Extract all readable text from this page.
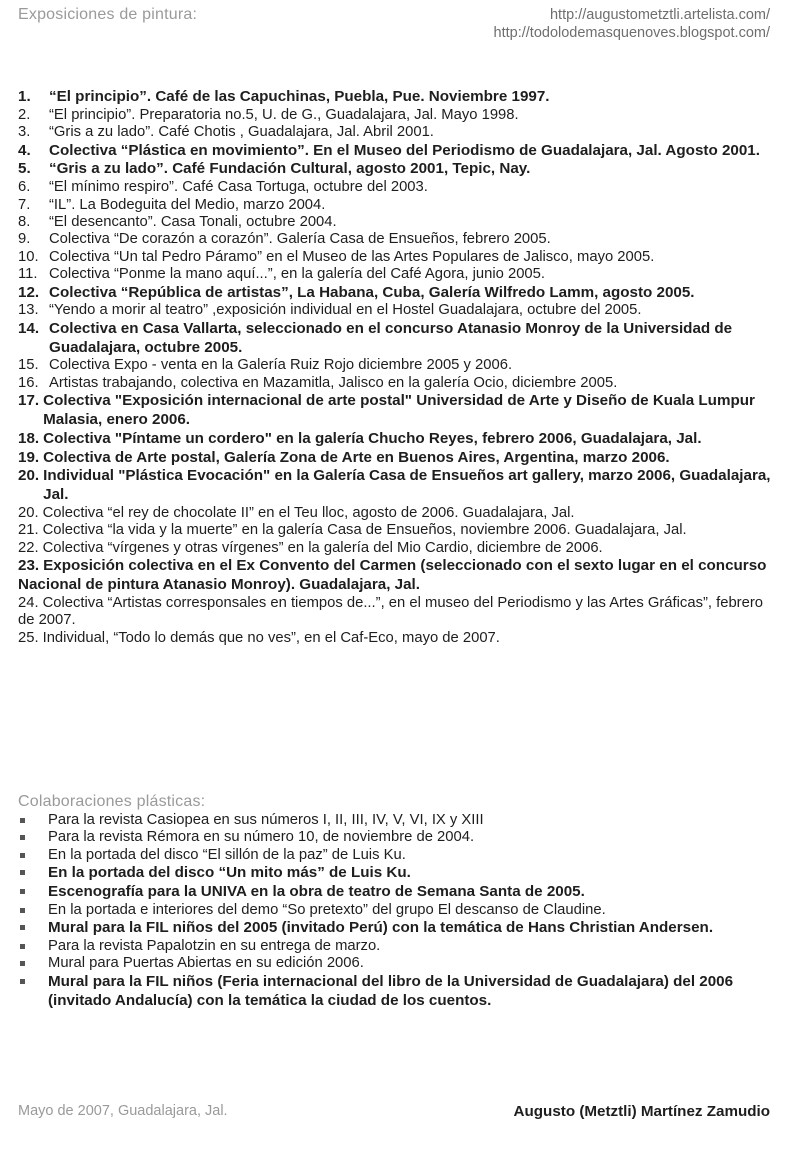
Exposiciones de pintura:	http://augustometztli.artelista.com/
http://todolodemasquenoves.blogspot.com/
1.	“El principio”. Café de las Capuchinas, Puebla, Pue. Noviembre 1997.
2.	“El principio”. Preparatoria no.5, U. de G., Guadalajara, Jal. Mayo 1998.
3.	“Gris a zu lado”. Café Chotis , Guadalajara, Jal. Abril 2001.
4.	Colectiva “Plástica en movimiento”. En el Museo del Periodismo de Guadalajara, Jal. Agosto 2001.
5.	“Gris a zu lado”. Café Fundación Cultural, agosto 2001, Tepic, Nay.
6.	“El mínimo respiro”. Café Casa Tortuga, octubre del 2003.
7.	“IL”. La Bodeguita del Medio, marzo 2004.
8.	“El desencanto”. Casa Tonali, octubre 2004.
9.	Colectiva “De corazón a corazón”. Galería Casa de Ensueños, febrero 2005.
10. Colectiva “Un tal Pedro Páramo” en el Museo de las Artes Populares de Jalisco, mayo 2005.
11. Colectiva “Ponme la mano aquí...”, en la galería del Café Agora, junio 2005.
12. Colectiva “República de artistas”, La Habana, Cuba, Galería Wilfredo Lamm, agosto 2005.
13. “Yendo a morir al teatro” ,exposición individual en el Hostel Guadalajara, octubre del 2005.
14. Colectiva en Casa Vallarta, seleccionado en el concurso Atanasio Monroy de la Universidad de Guadalajara, octubre 2005.
15. Colectiva Expo - venta en la Galería Ruiz Rojo diciembre 2005 y 2006.
16. Artistas trabajando, colectiva en Mazamitla, Jalisco en la galería Ocio, diciembre 2005.
17. Colectiva "Exposición internacional de arte postal" Universidad de Arte y Diseño de Kuala Lumpur Malasia, enero 2006.
18. Colectiva "Píntame un cordero" en la galería Chucho Reyes, febrero 2006, Guadalajara, Jal.
19. Colectiva de Arte postal, Galería Zona de Arte en Buenos Aires, Argentina, marzo 2006.
20. Individual "Plástica Evocación" en la Galería Casa de Ensueños art gallery, marzo 2006, Guadalajara, Jal.
20. Colectiva “el rey de chocolate II” en el Teu lloc, agosto de 2006. Guadalajara, Jal.
21. Colectiva “la vida y la muerte” en la galería Casa de Ensueños, noviembre 2006. Guadalajara, Jal.
22. Colectiva “vírgenes y otras vírgenes” en la galería del Mio Cardio, diciembre de 2006.
23. Exposición colectiva en el Ex Convento del Carmen (seleccionado con el sexto lugar en el concurso Nacional de pintura Atanasio Monroy). Guadalajara, Jal.
24. Colectiva “Artistas corresponsales en tiempos de...”, en el museo del Periodismo y las Artes Gráficas”, febrero de 2007.
25. Individual, “Todo lo demás que no ves”, en el Caf-Eco, mayo de 2007.
Colaboraciones plásticas:
Para la revista Casiopea en sus números I, II, III, IV, V, VI, IX y XIII
Para la revista Rémora en su número 10, de noviembre de 2004.
En la portada del disco “El sillón de la paz” de Luis Ku.
En la portada del disco “Un mito más” de Luis Ku.
Escenografía para la UNIVA en la obra de teatro de Semana Santa de 2005.
En la portada e interiores del demo “So pretexto” del grupo El descanso de Claudine.
Mural para la FIL niños del 2005 (invitado Perú) con la temática de Hans Christian Andersen.
Para la revista Papalotzin en su entrega de marzo.
Mural para Puertas Abiertas en su edición 2006.
Mural para la FIL niños (Feria internacional del libro de la Universidad de Guadalajara) del 2006 (invitado Andalucía) con la temática la ciudad de los cuentos.
Mayo de 2007, Guadalajara, Jal.	Augusto (Metztli) Martínez Zamudio
